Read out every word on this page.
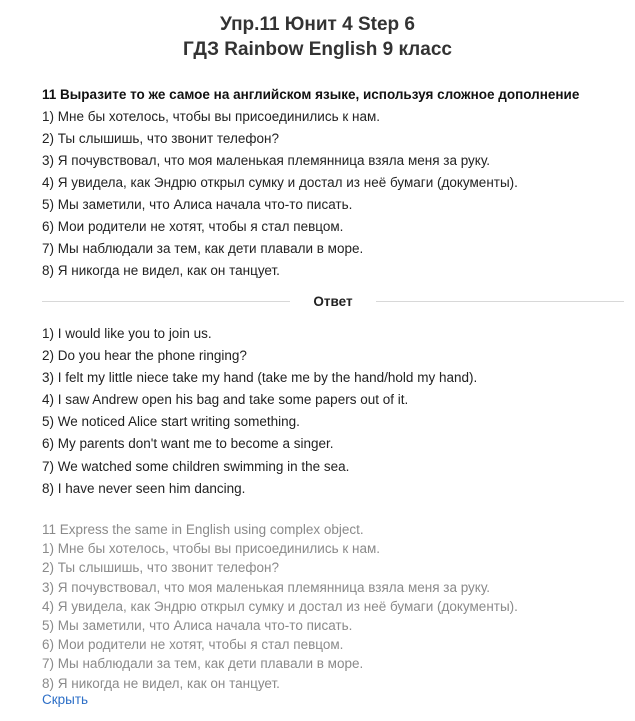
Упр.11 Юнит 4 Step 6
ГДЗ Rainbow English 9 класс
11 Выразите то же самое на английском языке, используя сложное дополнение
1) Мне бы хотелось, чтобы вы присоединились к нам.
2) Ты слышишь, что звонит телефон?
3) Я почувствовал, что моя маленькая племянница взяла меня за руку.
4) Я увидела, как Эндрю открыл сумку и достал из неё бумаги (документы).
5) Мы заметили, что Алиса начала что-то писать.
6) Мои родители не хотят, чтобы я стал певцом.
7) Мы наблюдали за тем, как дети плавали в море.
8) Я никогда не видел, как он танцует.
Ответ
1) I would like you to join us.
2) Do you hear the phone ringing?
3) I felt my little niece take my hand (take me by the hand/hold my hand).
4) I saw Andrew open his bag and take some papers out of it.
5) We noticed Alice start writing something.
6) My parents don't want me to become a singer.
7) We watched some children swimming in the sea.
8) I have never seen him dancing.
11 Express the same in English using complex object.
1) Мне бы хотелось, чтобы вы присоединились к нам.
2) Ты слышишь, что звонит телефон?
3) Я почувствовал, что моя маленькая племянница взяла меня за руку.
4) Я увидела, как Эндрю открыл сумку и достал из неё бумаги (документы).
5) Мы заметили, что Алиса начала что-то писать.
6) Мои родители не хотят, чтобы я стал певцом.
7) Мы наблюдали за тем, как дети плавали в море.
8) Я никогда не видел, как он танцует.
Скрыть
